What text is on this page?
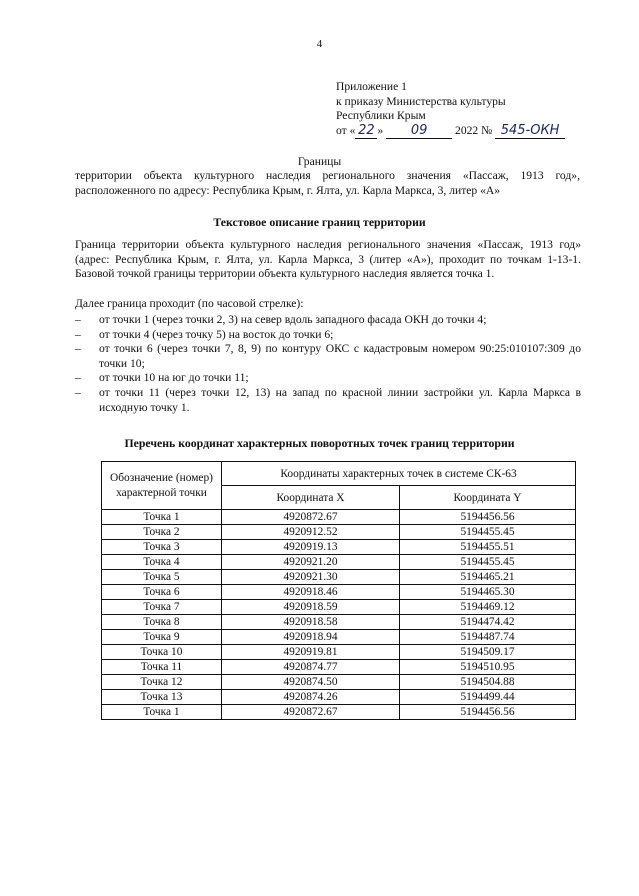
4
Приложение 1
к приказу Министерства культуры
Республики Крым
от « 22 » 09 2022 № 545-ОКН
Границы
территории объекта культурного наследия регионального значения «Пассаж, 1913 год», расположенного по адресу: Республика Крым, г. Ялта, ул. Карла Маркса, 3, литер «А»
Текстовое описание границ территории
Граница территории объекта культурного наследия регионального значения «Пассаж, 1913 год» (адрес: Республика Крым, г. Ялта, ул. Карла Маркса, 3 (литер «А»), проходит по точкам 1-13-1. Базовой точкой границы территории объекта культурного наследия является точка 1.
Далее граница проходит (по часовой стрелке):
– от точки 1 (через точки 2, 3) на север вдоль западного фасада ОКН до точки 4;
– от точки 4 (через точку 5) на восток до точки 6;
– от точки 6 (через точки 7, 8, 9) по контуру ОКС с кадастровым номером 90:25:010107:309 до точки 10;
– от точки 10 на юг до точки 11;
– от точки 11 (через точки 12, 13) на запад по красной линии застройки ул. Карла Маркса в исходную точку 1.
Перечень координат характерных поворотных точек границ территории
Обозначение (номер) характерной точки	Координаты характерных точек в системе СК-63	
	Координата X	Координата Y
Точка 1	4920872.67	5194456.56
Точка 2	4920912.52	5194455.45
Точка 3	4920919.13	5194455.51
Точка 4	4920921.20	5194455.45
Точка 5	4920921.30	5194465.21
Точка 6	4920918.46	5194465.30
Точка 7	4920918.59	5194469.12
Точка 8	4920918.58	5194474.42
Точка 9	4920918.94	5194487.74
Точка 10	4920919.81	5194509.17
Точка 11	4920874.77	5194510.95
Точка 12	4920874.50	5194504.88
Точка 13	4920874.26	5194499.44
Точка 1	4920872.67	5194456.56
